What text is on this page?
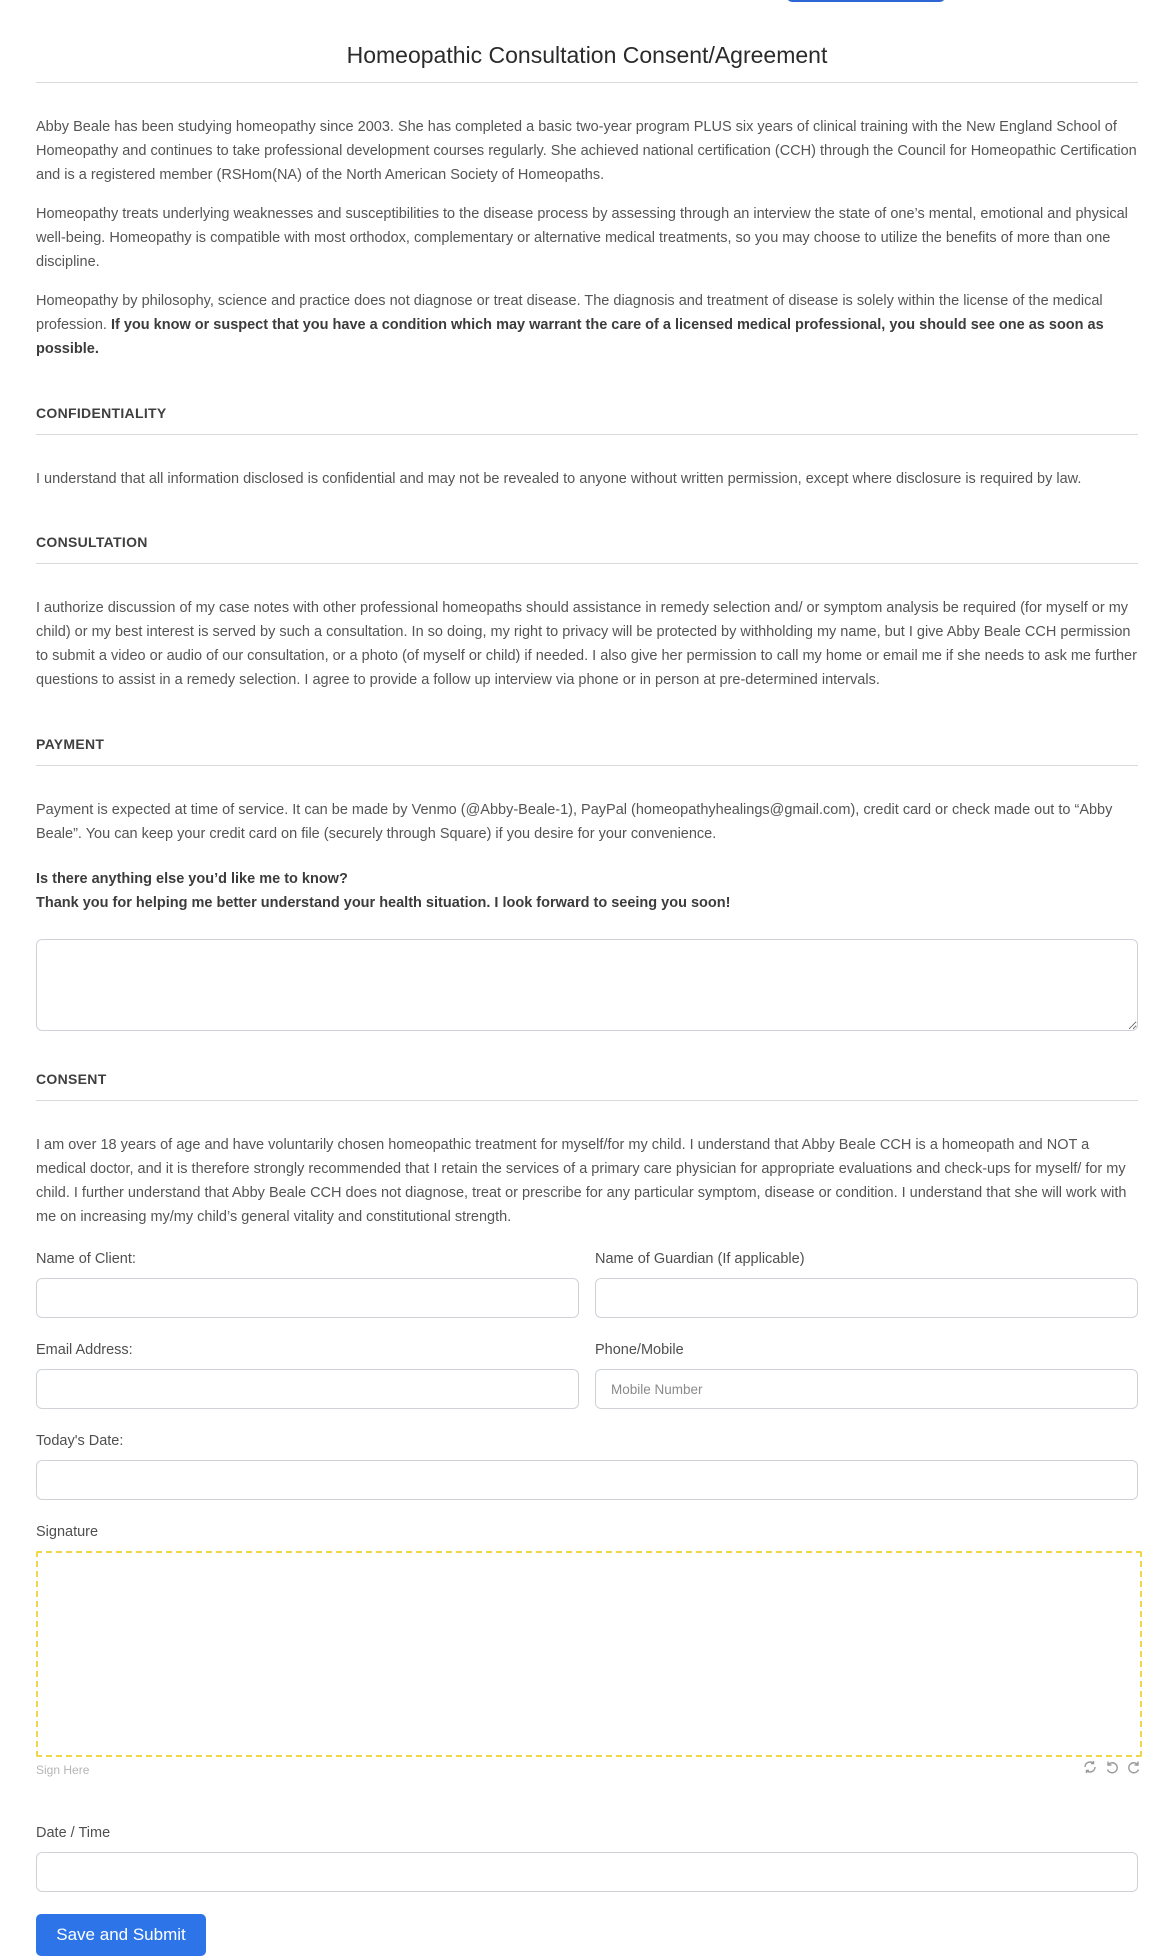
Homeopathic Consultation Consent/Agreement

Abby Beale has been studying homeopathy since 2003. She has completed a basic two-year program PLUS six years of clinical training with the New England School of Homeopathy and continues to take professional development courses regularly. She achieved national certification (CCH) through the Council for Homeopathic Certification and is a registered member (RSHom(NA) of the North American Society of Homeopaths.

Homeopathy treats underlying weaknesses and susceptibilities to the disease process by assessing through an interview the state of one’s mental, emotional and physical well-being. Homeopathy is compatible with most orthodox, complementary or alternative medical treatments, so you may choose to utilize the benefits of more than one discipline.

Homeopathy by philosophy, science and practice does not diagnose or treat disease. The diagnosis and treatment of disease is solely within the license of the medical profession. If you know or suspect that you have a condition which may warrant the care of a licensed medical professional, you should see one as soon as possible.

CONFIDENTIALITY

I understand that all information disclosed is confidential and may not be revealed to anyone without written permission, except where disclosure is required by law.

CONSULTATION

I authorize discussion of my case notes with other professional homeopaths should assistance in remedy selection and/ or symptom analysis be required (for myself or my child) or my best interest is served by such a consultation. In so doing, my right to privacy will be protected by withholding my name, but I give Abby Beale CCH permission to submit a video or audio of our consultation, or a photo (of myself or child) if needed. I also give her permission to call my home or email me if she needs to ask me further questions to assist in a remedy selection. I agree to provide a follow up interview via phone or in person at pre-determined intervals.

PAYMENT

Payment is expected at time of service. It can be made by Venmo (@Abby-Beale-1), PayPal (homeopathyhealings@gmail.com), credit card or check made out to “Abby Beale”. You can keep your credit card on file (securely through Square) if you desire for your convenience.

Is there anything else you’d like me to know?

Thank you for helping me better understand your health situation. I look forward to seeing you soon!

CONSENT

I am over 18 years of age and have voluntarily chosen homeopathic treatment for myself/for my child. I understand that Abby Beale CCH is a homeopath and NOT a medical doctor, and it is therefore strongly recommended that I retain the services of a primary care physician for appropriate evaluations and check-ups for myself/ for my child. I further understand that Abby Beale CCH does not diagnose, treat or prescribe for any particular symptom, disease or condition. I understand that she will work with me on increasing my/my child’s general vitality and constitutional strength.

Name of Client:	Name of Guardian (If applicable)
Email Address:	Phone/Mobile
Mobile Number
Today's Date:
Signature
Sign Here
Date / Time
Save and Submit
